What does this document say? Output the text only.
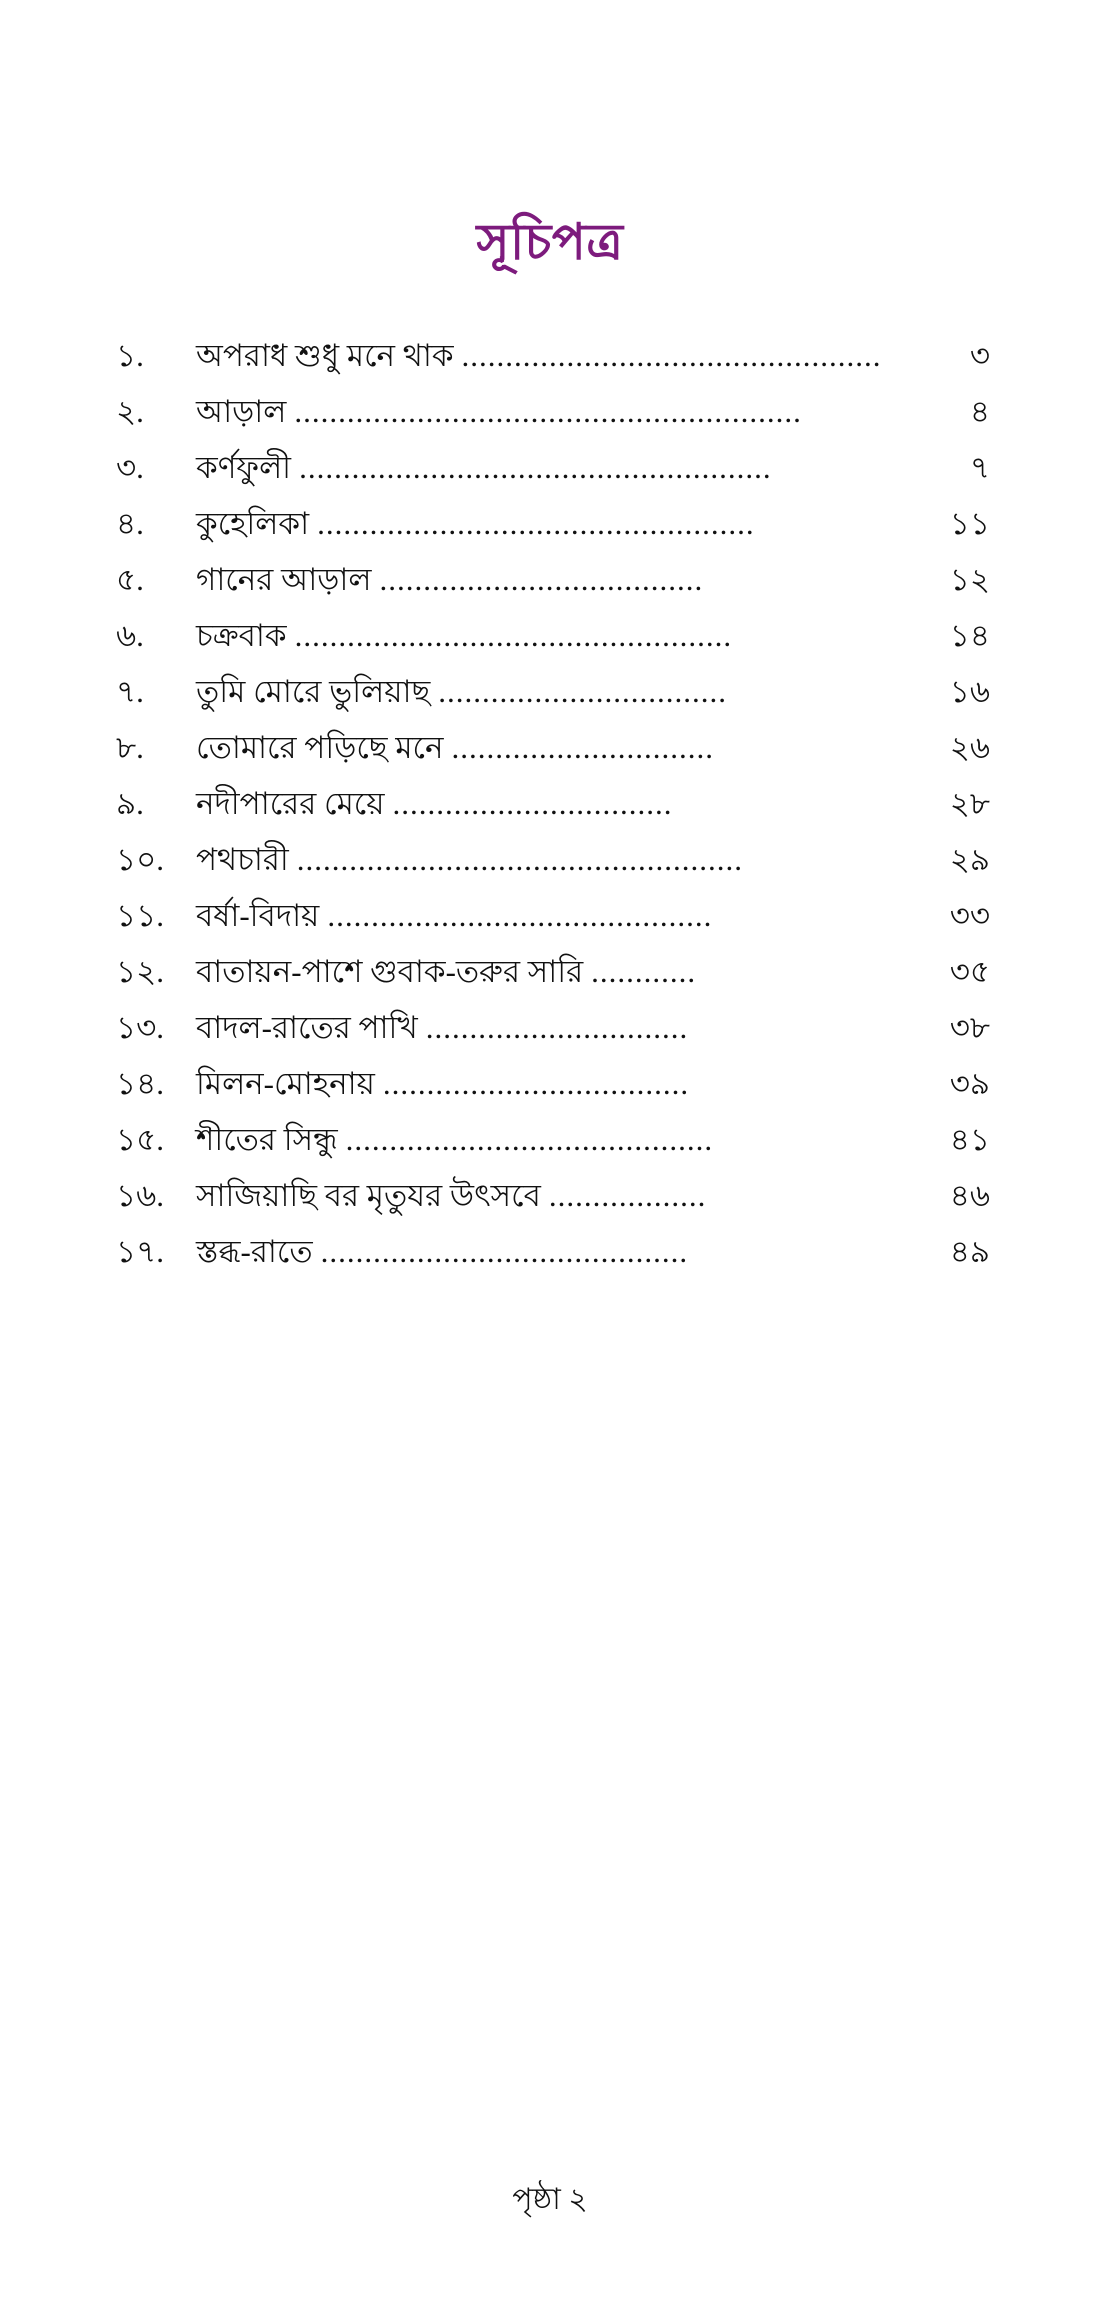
সূচিপত্র
১.	অপরাধ শুধু মনে থাক ................................................	৩
২.	আড়াল ..........................................................	৪
৩.	কর্ণফুলী ......................................................	৭
৪.	কুহেলিকা ..................................................	১১
৫.	গানের আড়াল .....................................	১২
৬.	চক্রবাক ..................................................	১৪
৭.	তুমি মোরে ভুলিয়াছ .................................	১৬
৮.	তোমারে পড়িছে মনে ..............................	২৬
৯.	নদীপারের মেয়ে ................................	২৮
১০.	পথচারী ...................................................	২৯
১১.	বর্ষা-বিদায় ............................................	৩৩
১২.	বাতায়ন-পাশে গুবাক-তরুর সারি ............	৩৫
১৩.	বাদল-রাতের পাখি ..............................	৩৮
১৪.	মিলন-মোহনায় ...................................	৩৯
১৫.	শীতের সিন্ধু ..........................................	৪১
১৬.	সাজিয়াছি বর মৃতুযর উৎসবে ..................	৪৬
১৭.	স্তব্ধ-রাতে ..........................................	৪৯
পৃষ্ঠা ২
